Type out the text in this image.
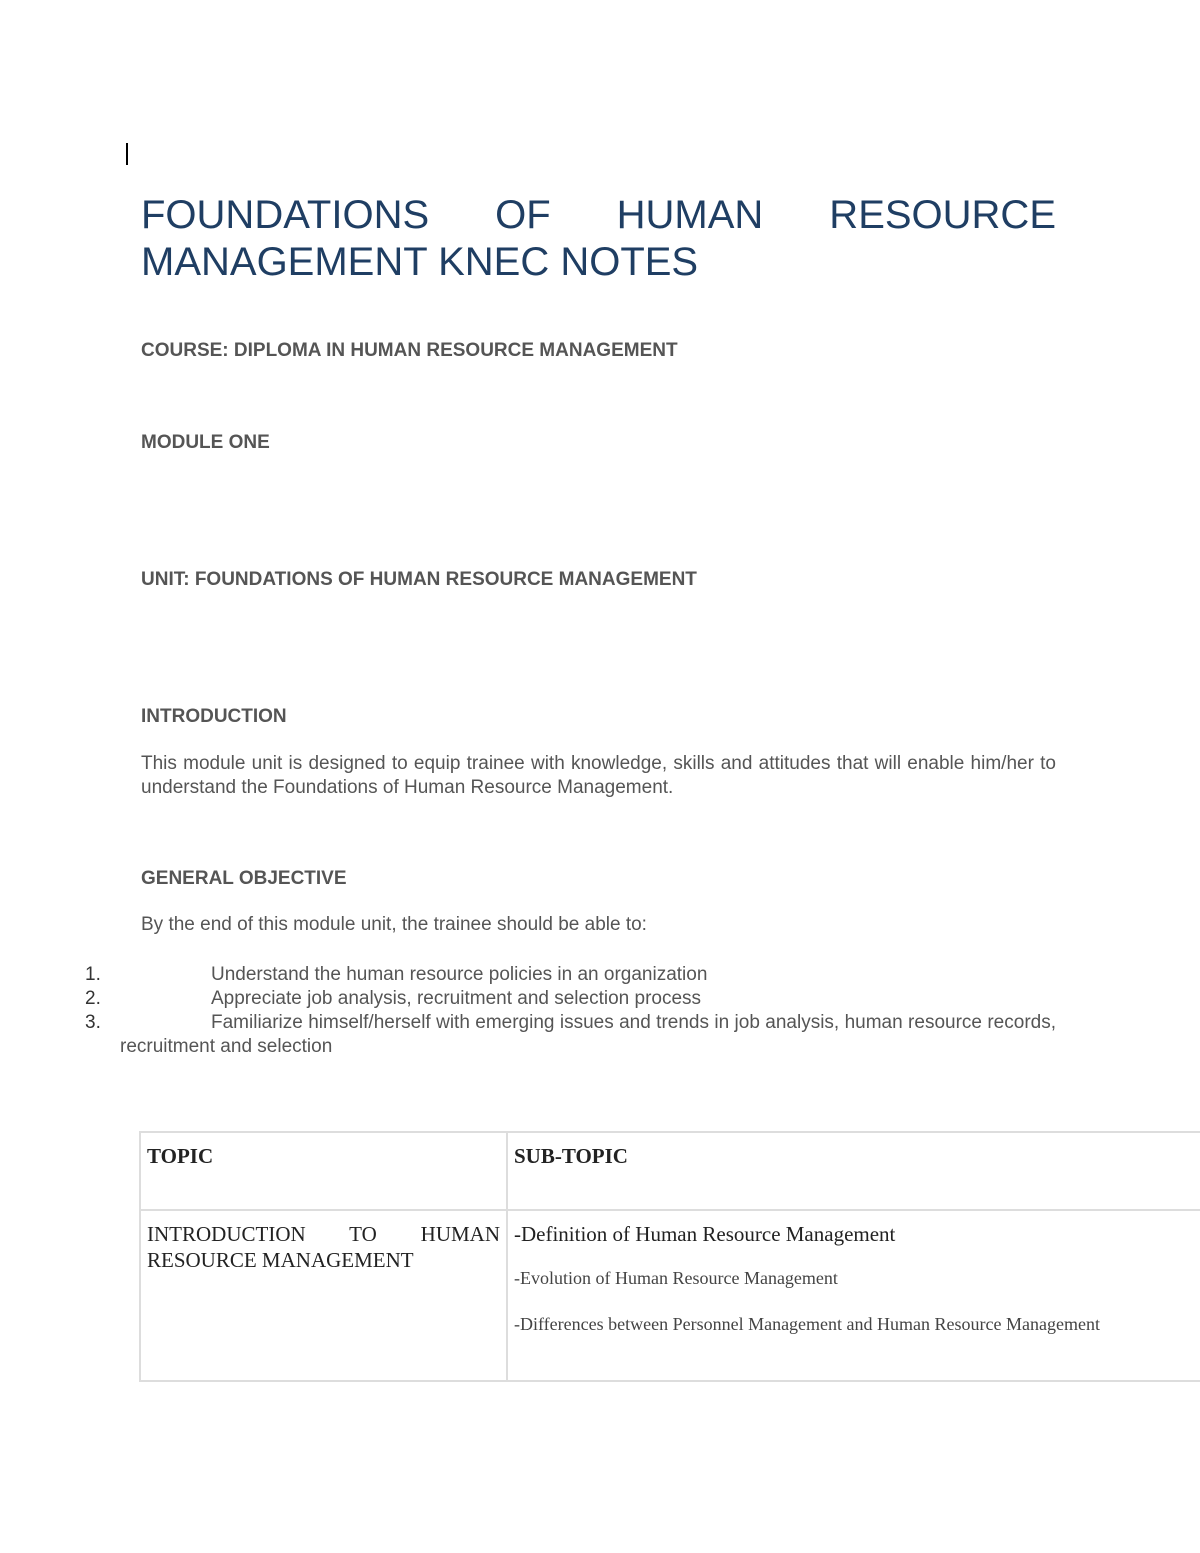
FOUNDATIONS OF HUMAN RESOURCE MANAGEMENT KNEC NOTES
COURSE: DIPLOMA IN HUMAN RESOURCE MANAGEMENT
MODULE ONE
UNIT: FOUNDATIONS OF HUMAN RESOURCE MANAGEMENT
INTRODUCTION

This module unit is designed to equip trainee with knowledge, skills and attitudes that will enable him/her to understand the Foundations of Human Resource Management.

GENERAL OBJECTIVE

By the end of this module unit, the trainee should be able to:

1.	Understand the human resource policies in an organization
2.	Appreciate job analysis, recruitment and selection process
3.	Familiarize himself/herself with emerging issues and trends in job analysis, human resource records, recruitment and selection
TOPIC	SUB-TOPIC
INTRODUCTION TO HUMAN RESOURCE MANAGEMENT	-Definition of Human Resource Management

-Evolution of Human Resource Management

-Differences between Personnel Management and Human Resource Management
